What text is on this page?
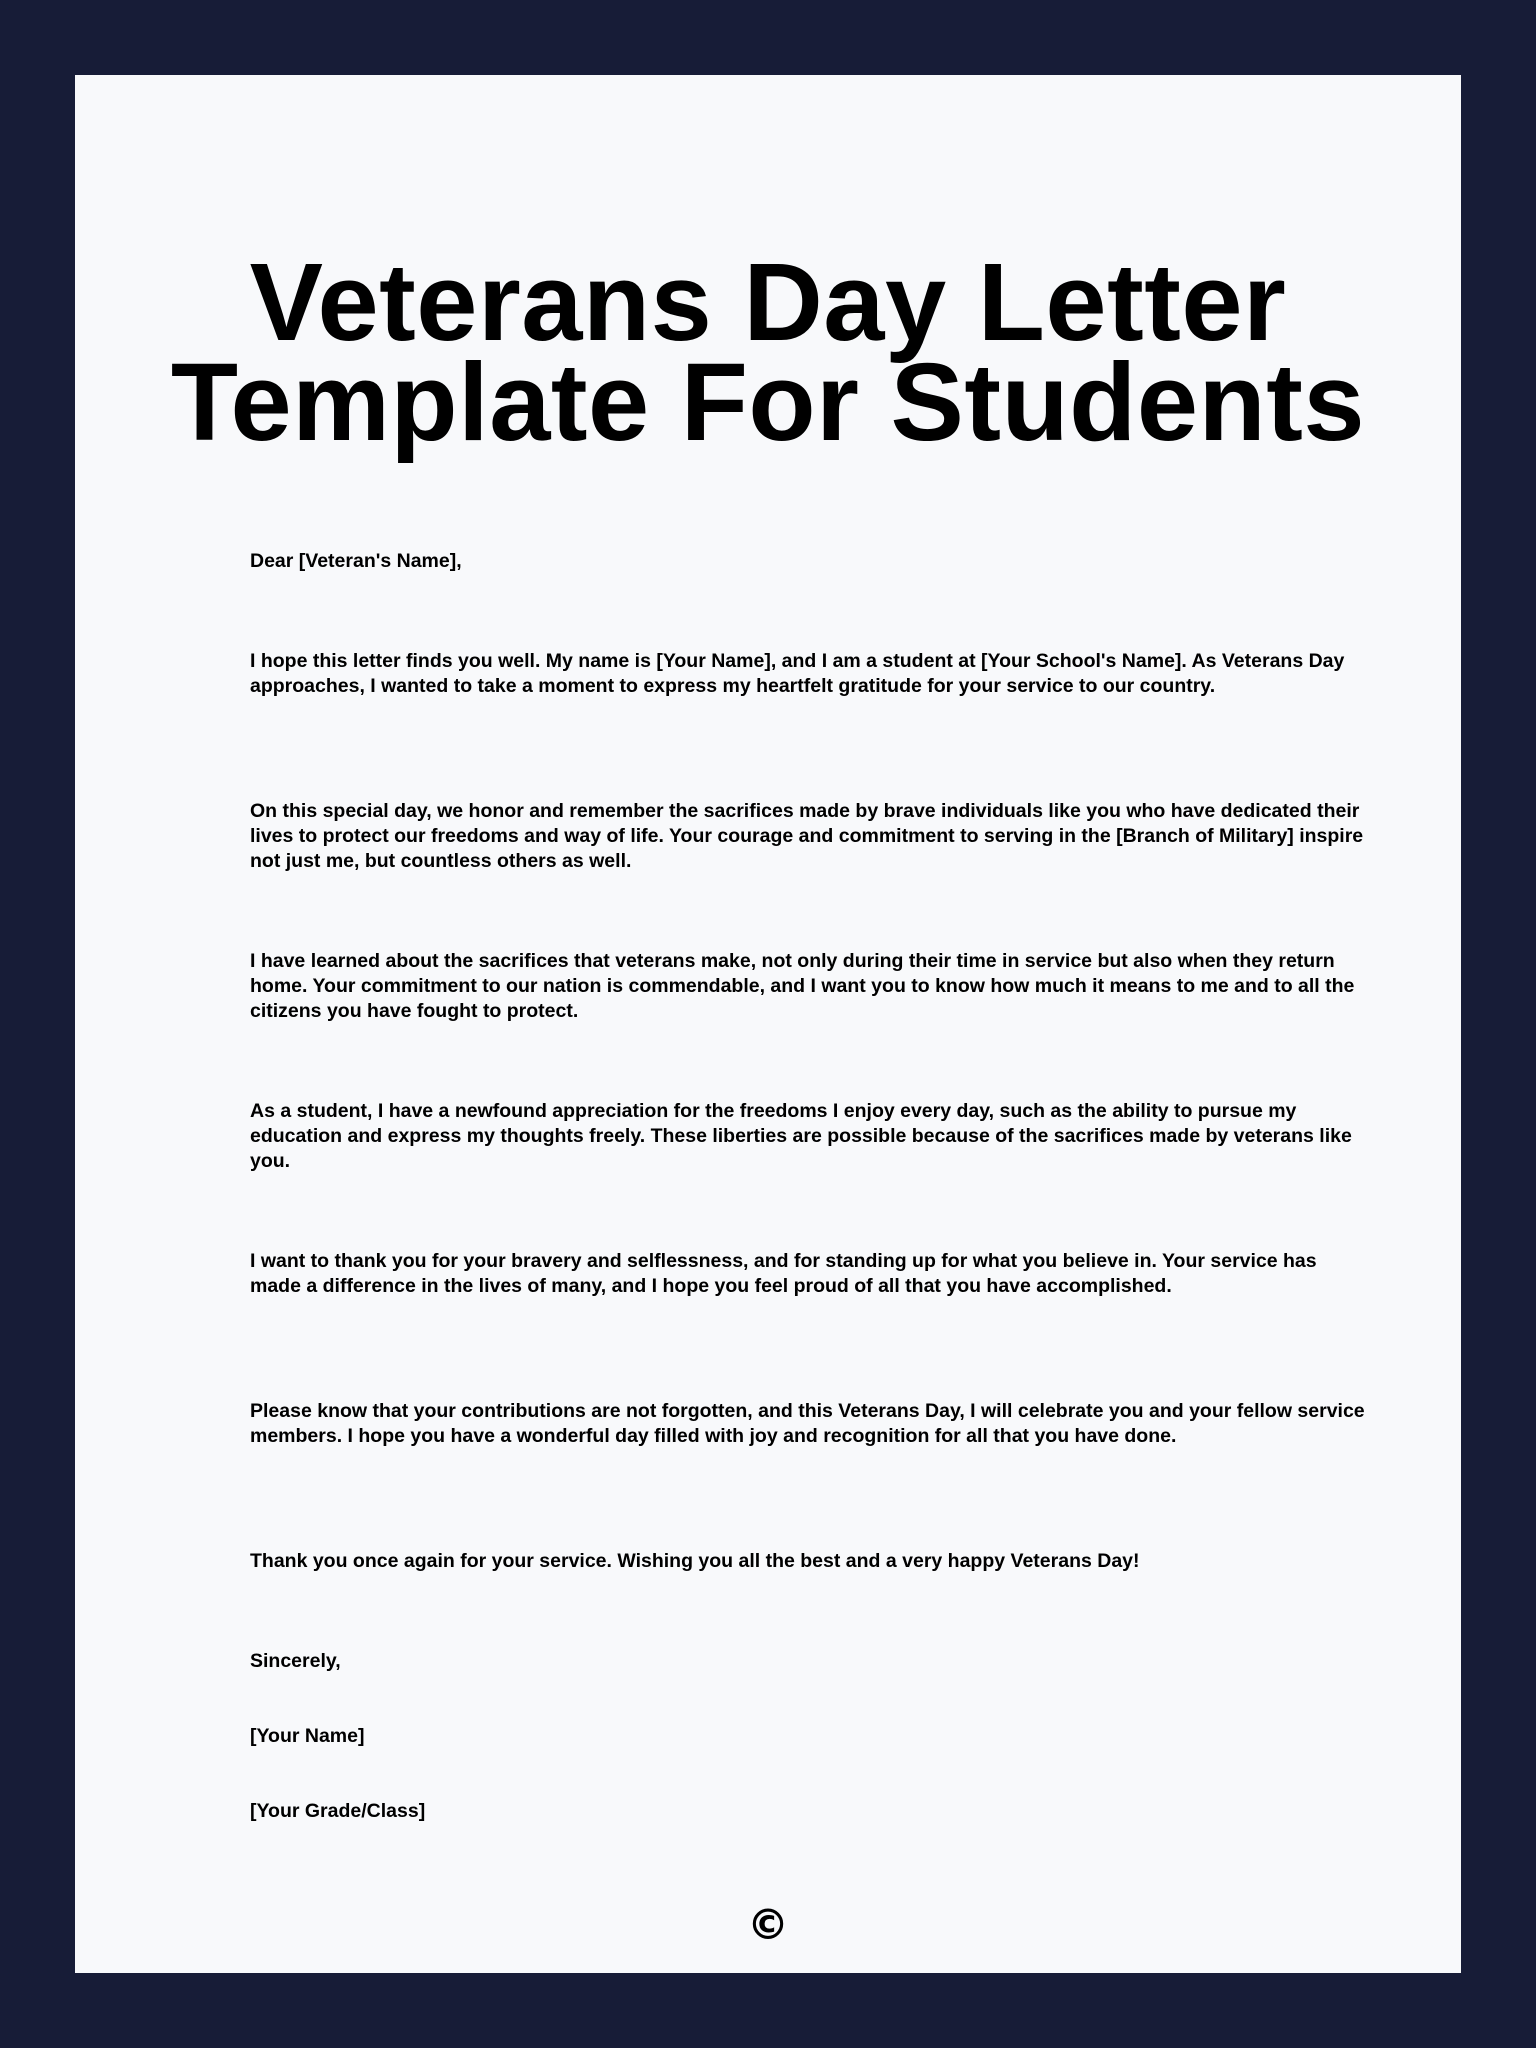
Veterans Day Letter
Template For Students

Dear [Veteran's Name],

I hope this letter finds you well. My name is [Your Name], and I am a student at [Your School's Name]. As Veterans Day approaches, I wanted to take a moment to express my heartfelt gratitude for your service to our country.

On this special day, we honor and remember the sacrifices made by brave individuals like you who have dedicated their lives to protect our freedoms and way of life. Your courage and commitment to serving in the [Branch of Military] inspire not just me, but countless others as well.

I have learned about the sacrifices that veterans make, not only during their time in service but also when they return home. Your commitment to our nation is commendable, and I want you to know how much it means to me and to all the citizens you have fought to protect.

As a student, I have a newfound appreciation for the freedoms I enjoy every day, such as the ability to pursue my education and express my thoughts freely. These liberties are possible because of the sacrifices made by veterans like you.

I want to thank you for your bravery and selflessness, and for standing up for what you believe in. Your service has made a difference in the lives of many, and I hope you feel proud of all that you have accomplished.

Please know that your contributions are not forgotten, and this Veterans Day, I will celebrate you and your fellow service members. I hope you have a wonderful day filled with joy and recognition for all that you have done.

Thank you once again for your service. Wishing you all the best and a very happy Veterans Day!

Sincerely,

[Your Name]

[Your Grade/Class]

©
